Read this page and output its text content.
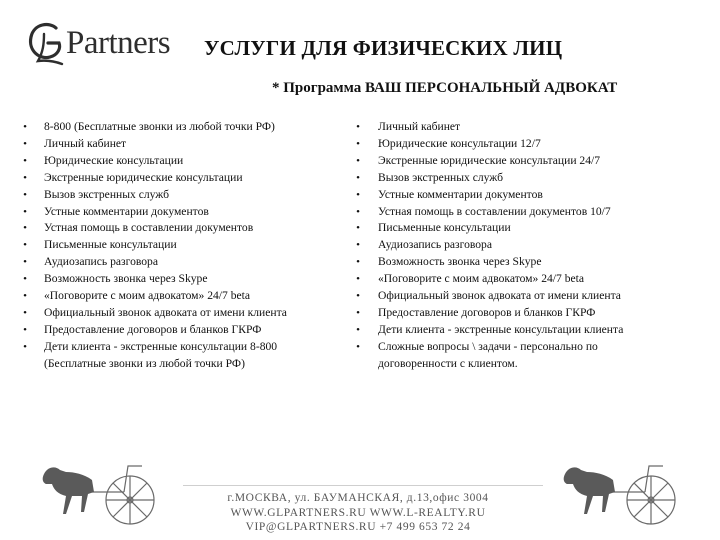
Partners УСЛУГИ ДЛЯ ФИЗИЧЕСКИХ ЛИЦ
* Программа ВАШ ПЕРСОНАЛЬНЫЙ АДВОКАТ
• 8-800 (Бесплатные звонки из любой точки РФ)
• Личный кабинет
• Юридические консультации
• Экстренные юридические консультации
• Вызов экстренных служб
• Устные комментарии документов
• Устная помощь в составлении документов
• Письменные консультации
• Аудиозапись разговора
• Возможность звонка через Skype
• «Поговорите с моим адвокатом» 24/7 beta
• Официальный звонок адвоката от имени клиента
• Предоставление договоров и бланков ГКРФ
• Дети клиента - экстренные консультации 8-800
(Бесплатные звонки из любой точки РФ)
• Личный кабинет
• Юридические консультации 12/7
• Экстренные юридические консультации 24/7
• Вызов экстренных служб
• Устные комментарии документов
• Устная помощь в составлении документов 10/7
• Письменные консультации
• Аудиозапись разговора
• Возможность звонка через Skype
• «Поговорите с моим адвокатом» 24/7 beta
• Официальный звонок адвоката от имени клиента
• Предоставление договоров и бланков ГКРФ
• Дети клиента - экстренные консультации клиента
• Сложные вопросы \ задачи - персонально по
договоренности с клиентом.
г.МОСКВА, ул. БАУМАНСКАЯ, д.13,офис 3004
WWW.GLPARTNERS.RU WWW.L-REALTY.RU
VIP@GLPARTNERS.RU +7 499 653 72 24
